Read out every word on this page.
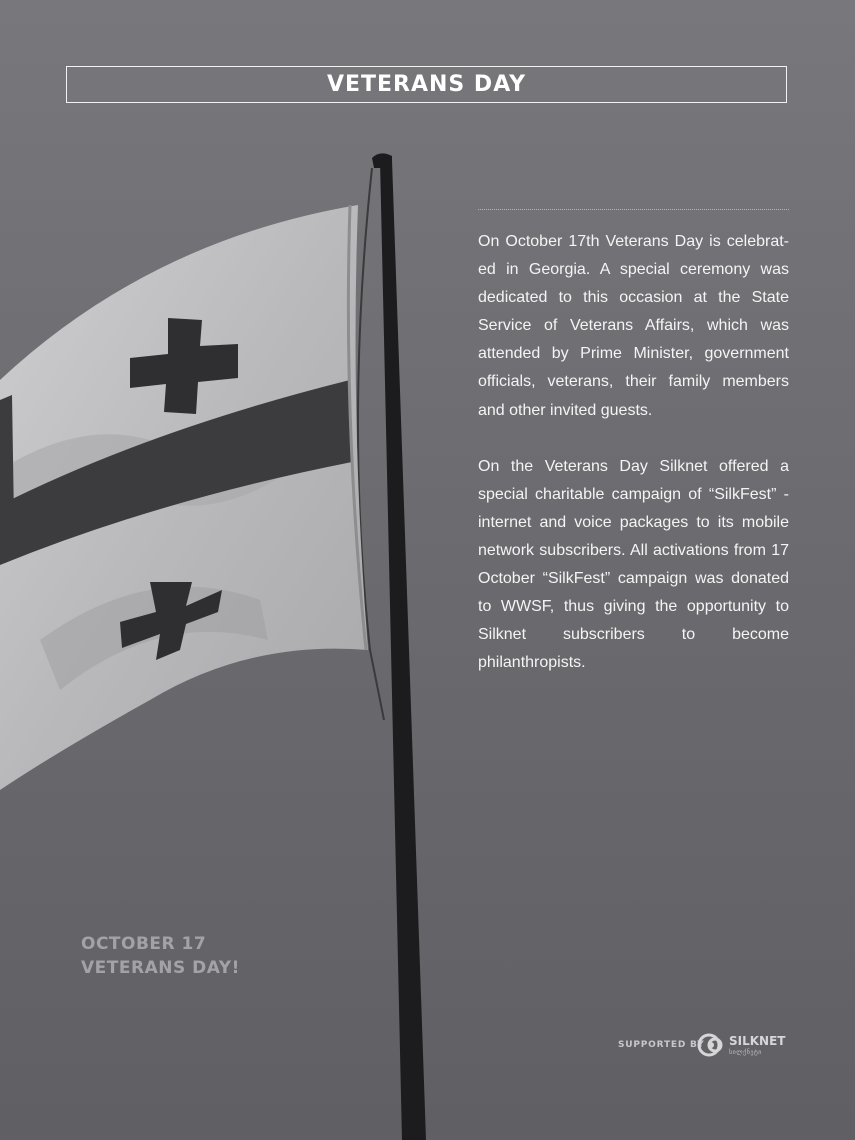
VETERANS DAY

On October 17th Veterans Day is celebrated in Georgia. A special ceremony was dedicated to this occasion at the State Service of Veterans Affairs, which was attended by Prime Minister, government officials, veterans, their family members and other invited guests.

On the Veterans Day Silknet offered a special charitable campaign of “SilkFest” - internet and voice packages to its mobile network subscribers. All activations from 17 October “SilkFest” campaign was donated to WWSF, thus giving the opportunity to Silknet subscribers to become philanthropists.

OCTOBER 17
VETERANS DAY!
SUPPORTED BY SILKNET
სილქნეტი
